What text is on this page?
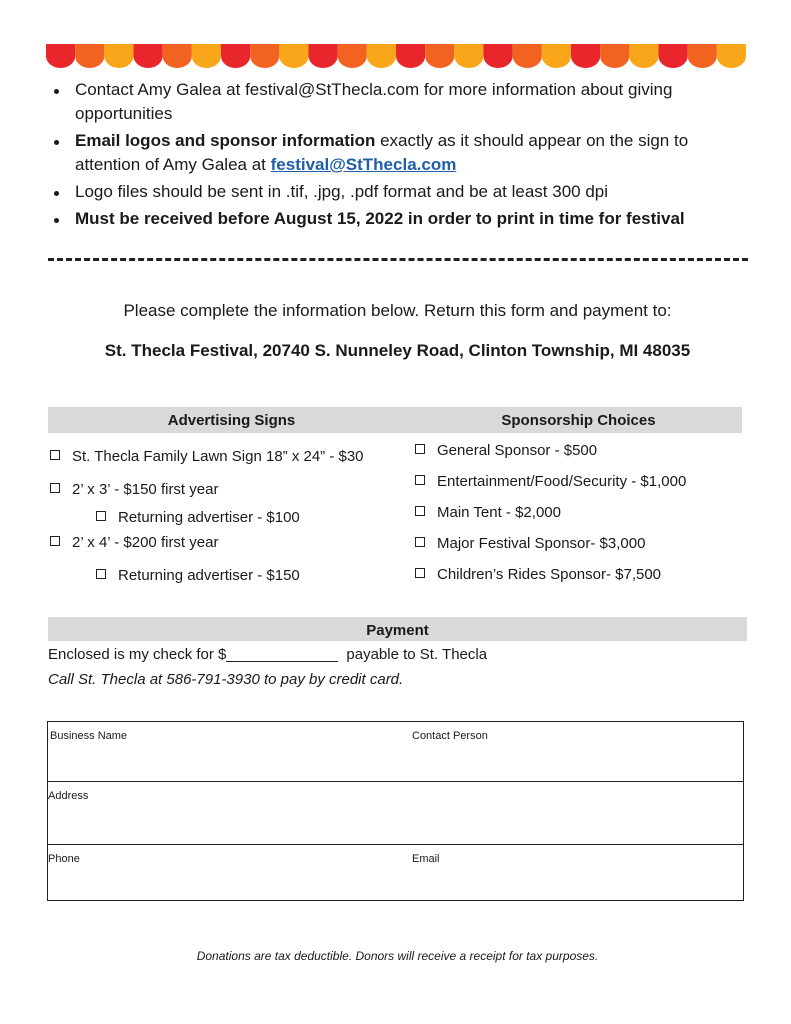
Contact Amy Galea at festival@StThecla.com for more information about giving opportunities
Email logos and sponsor information exactly as it should appear on the sign to attention of Amy Galea at festival@StThecla.com
Logo files should be sent in .tif, .jpg, .pdf format and be at least 300 dpi
Must be received before August 15, 2022 in order to print in time for festival
Please complete the information below. Return this form and payment to:
St. Thecla Festival, 20740 S. Nunneley Road, Clinton Township, MI 48035
Advertising Signs	Sponsorship Choices
St. Thecla Family Lawn Sign 18” x 24” - $30
2’ x 3’ - $150 first year
Returning advertiser - $100
2’ x 4’ - $200 first year
Returning advertiser - $150
General Sponsor - $500
Entertainment/Food/Security - $1,000
Main Tent - $2,000
Major Festival Sponsor- $3,000
Children’s Rides Sponsor- $7,500
Payment
Enclosed is my check for $	payable to St. Thecla
Call St. Thecla at 586-791-3930 to pay by credit card.
Business Name	Contact Person
Address
Phone	Email
Donations are tax deductible. Donors will receive a receipt for tax purposes.
